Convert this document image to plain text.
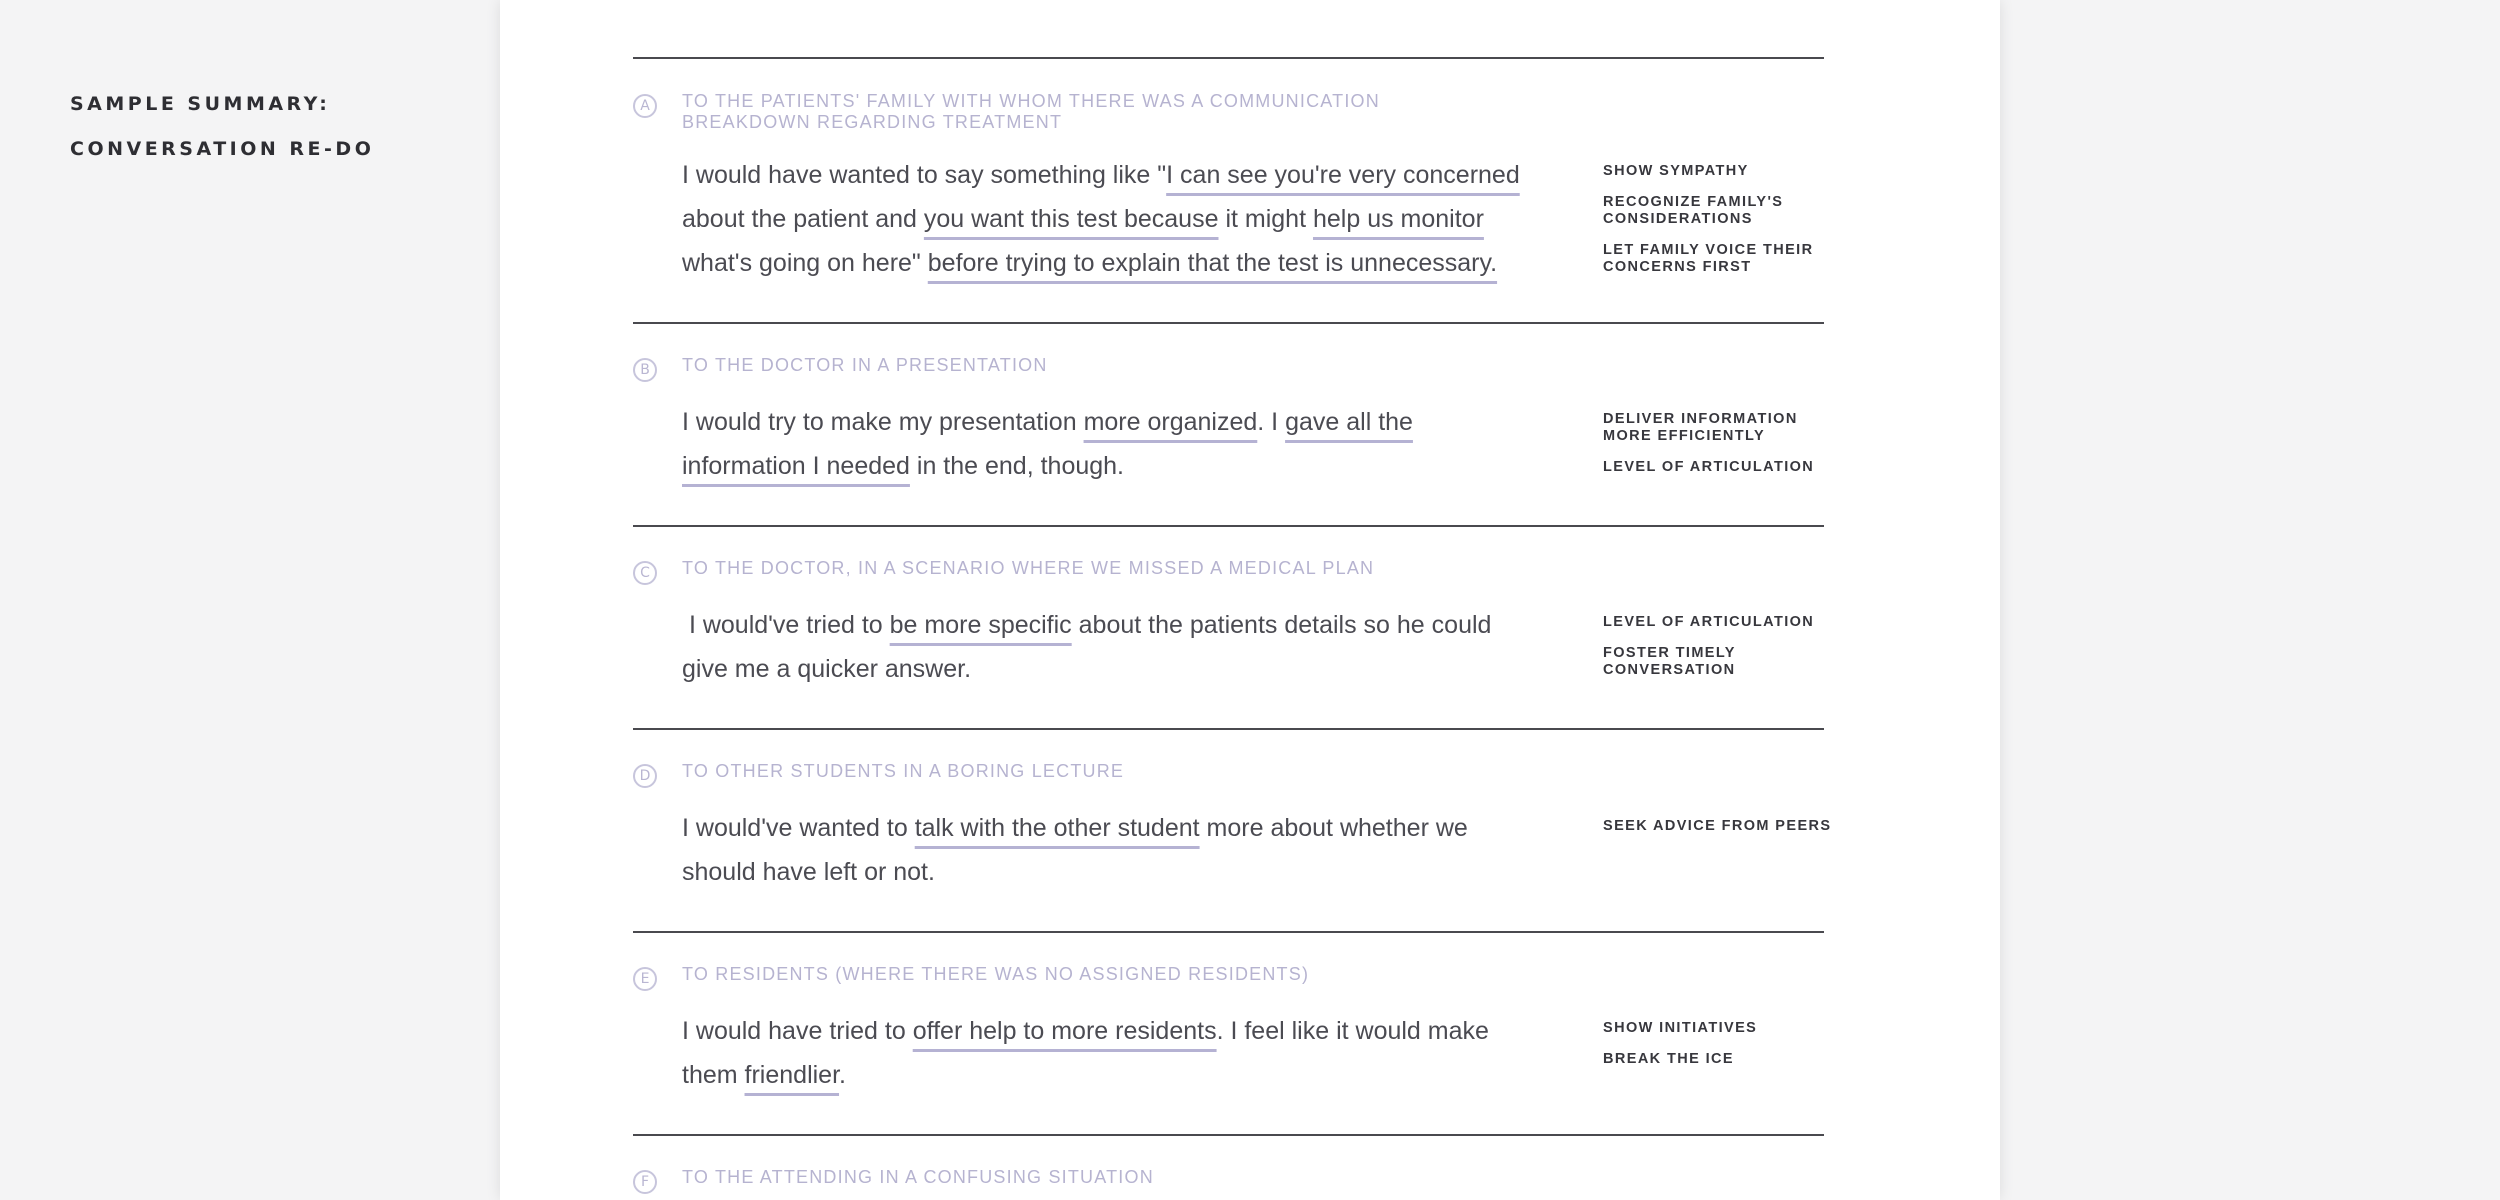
SAMPLE SUMMARY:
CONVERSATION RE-DO
A	TO THE PATIENTS' FAMILY WITH WHOM THERE WAS A COMMUNICATION BREAKDOWN REGARDING TREATMENT
I would have wanted to say something like "I can see you're very concerned
about the patient and you want this test because it might help us monitor
what's going on here" before trying to explain that the test is unnecessary.
SHOW SYMPATHY
RECOGNIZE FAMILY'S CONSIDERATIONS
LET FAMILY VOICE THEIR CONCERNS FIRST
B	TO THE DOCTOR IN A PRESENTATION
I would try to make my presentation more organized. I gave all the
information I needed in the end, though.
DELIVER INFORMATION MORE EFFICIENTLY
LEVEL OF ARTICULATION
C	TO THE DOCTOR, IN A SCENARIO WHERE WE MISSED A MEDICAL PLAN
I would've tried to be more specific about the patients details so he could
give me a quicker answer.
LEVEL OF ARTICULATION
FOSTER TIMELY CONVERSATION
D	TO OTHER STUDENTS IN A BORING LECTURE
I would've wanted to talk with the other student more about whether we
should have left or not.
SEEK ADVICE FROM PEERS
E	TO RESIDENTS (WHERE THERE WAS NO ASSIGNED RESIDENTS)
I would have tried to offer help to more residents. I feel like it would make
them friendlier.
SHOW INITIATIVES
BREAK THE ICE
F	TO THE ATTENDING IN A CONFUSING SITUATION
